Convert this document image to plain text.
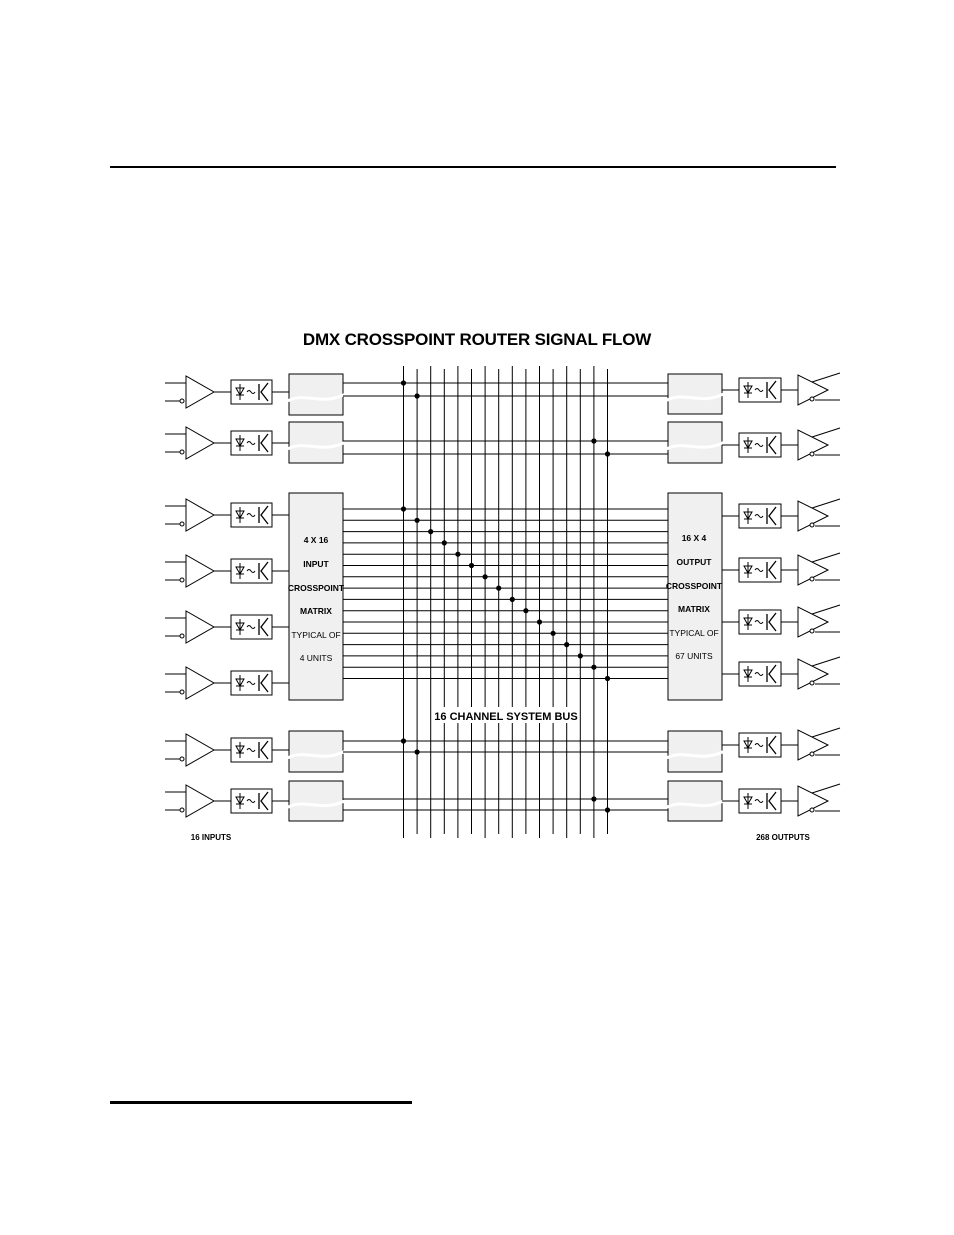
DMX CROSSPOINT ROUTER SIGNAL FLOW
4 X 16
INPUT
CROSSPOINT
MATRIX
TYPICAL OF
4 UNITS
16 X 4
OUTPUT
CROSSPOINT
MATRIX
TYPICAL OF
67 UNITS
16 CHANNEL SYSTEM BUS
16 INPUTS	268 OUTPUTS
